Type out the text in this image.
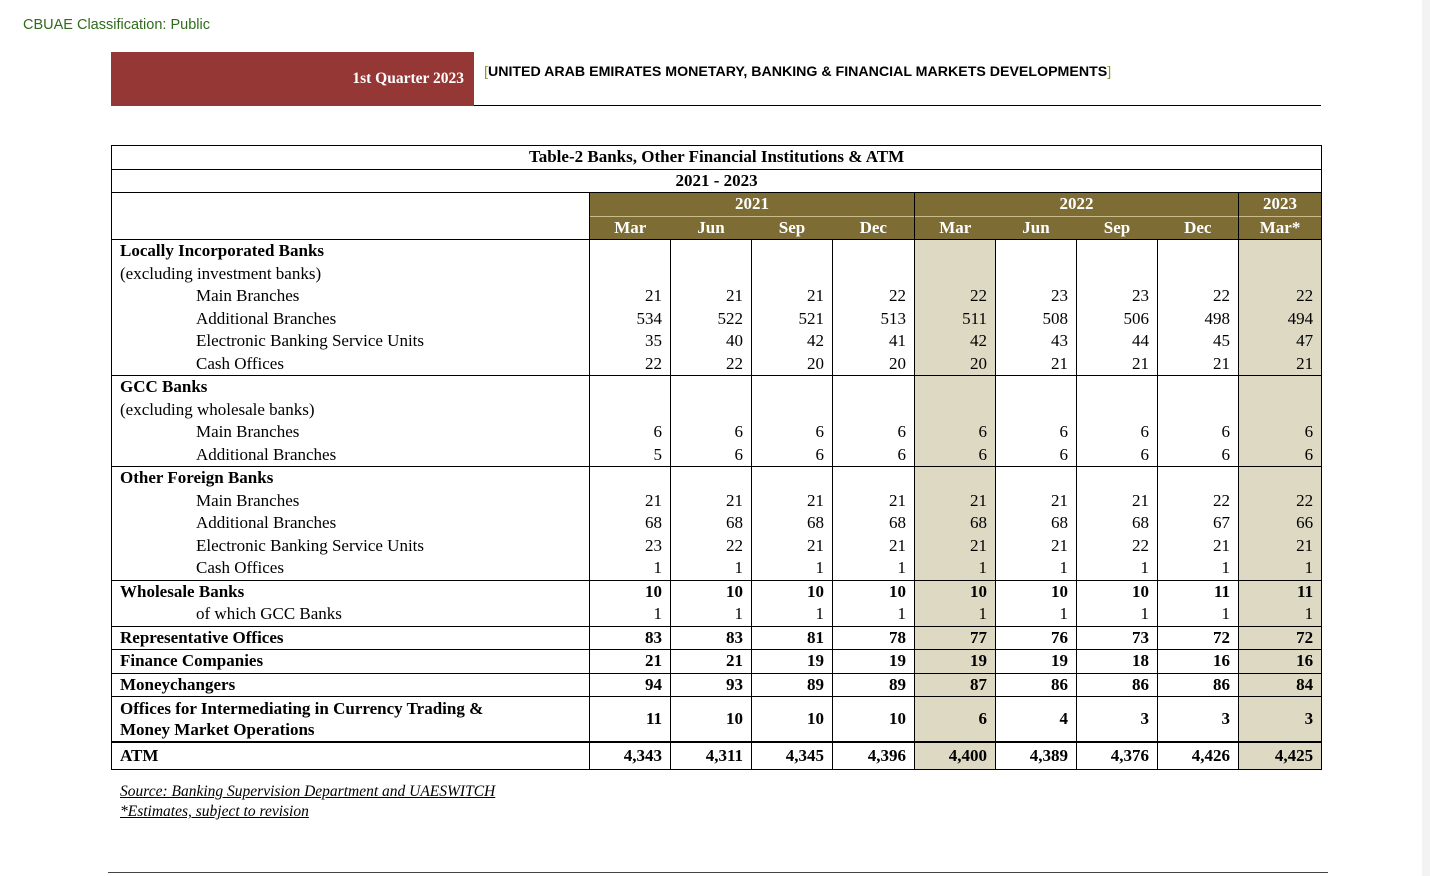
CBUAE Classification: Public
1st Quarter 2023 [UNITED ARAB EMIRATES MONETARY, BANKING & FINANCIAL MARKETS DEVELOPMENTS]
Table-2 Banks, Other Financial Institutions & ATM									
2021 - 2023									
	2021				2022				2023
	Mar	Jun	Sep	Dec	Mar	Jun	Sep	Dec	Mar*
Locally Incorporated Banks									
(excluding investment banks)									
Main Branches	21	21	21	22	22	23	23	22	22
Additional Branches	534	522	521	513	511	508	506	498	494
Electronic Banking Service Units	35	40	42	41	42	43	44	45	47
Cash Offices	22	22	20	20	20	21	21	21	21
GCC Banks									
(excluding wholesale banks)									
Main Branches	6	6	6	6	6	6	6	6	6
Additional Branches	5	6	6	6	6	6	6	6	6
Other Foreign Banks									
Main Branches	21	21	21	21	21	21	21	22	22
Additional Branches	68	68	68	68	68	68	68	67	66
Electronic Banking Service Units	23	22	21	21	21	21	22	21	21
Cash Offices	1	1	1	1	1	1	1	1	1
Wholesale Banks	10	10	10	10	10	10	10	11	11
of which GCC Banks	1	1	1	1	1	1	1	1	1
Representative Offices	83	83	81	78	77	76	73	72	72
Finance Companies	21	21	19	19	19	19	18	16	16
Moneychangers	94	93	89	89	87	86	86	86	84

Offices for Intermediating in Currency Trading &
Money Market Operations	11	10	10	10	6	4	3	3	3
ATM	4,343	4,311	4,345	4,396	4,400	4,389	4,376	4,426	4,425
Source: Banking Supervision Department and UAESWITCH
*Estimates, subject to revision
